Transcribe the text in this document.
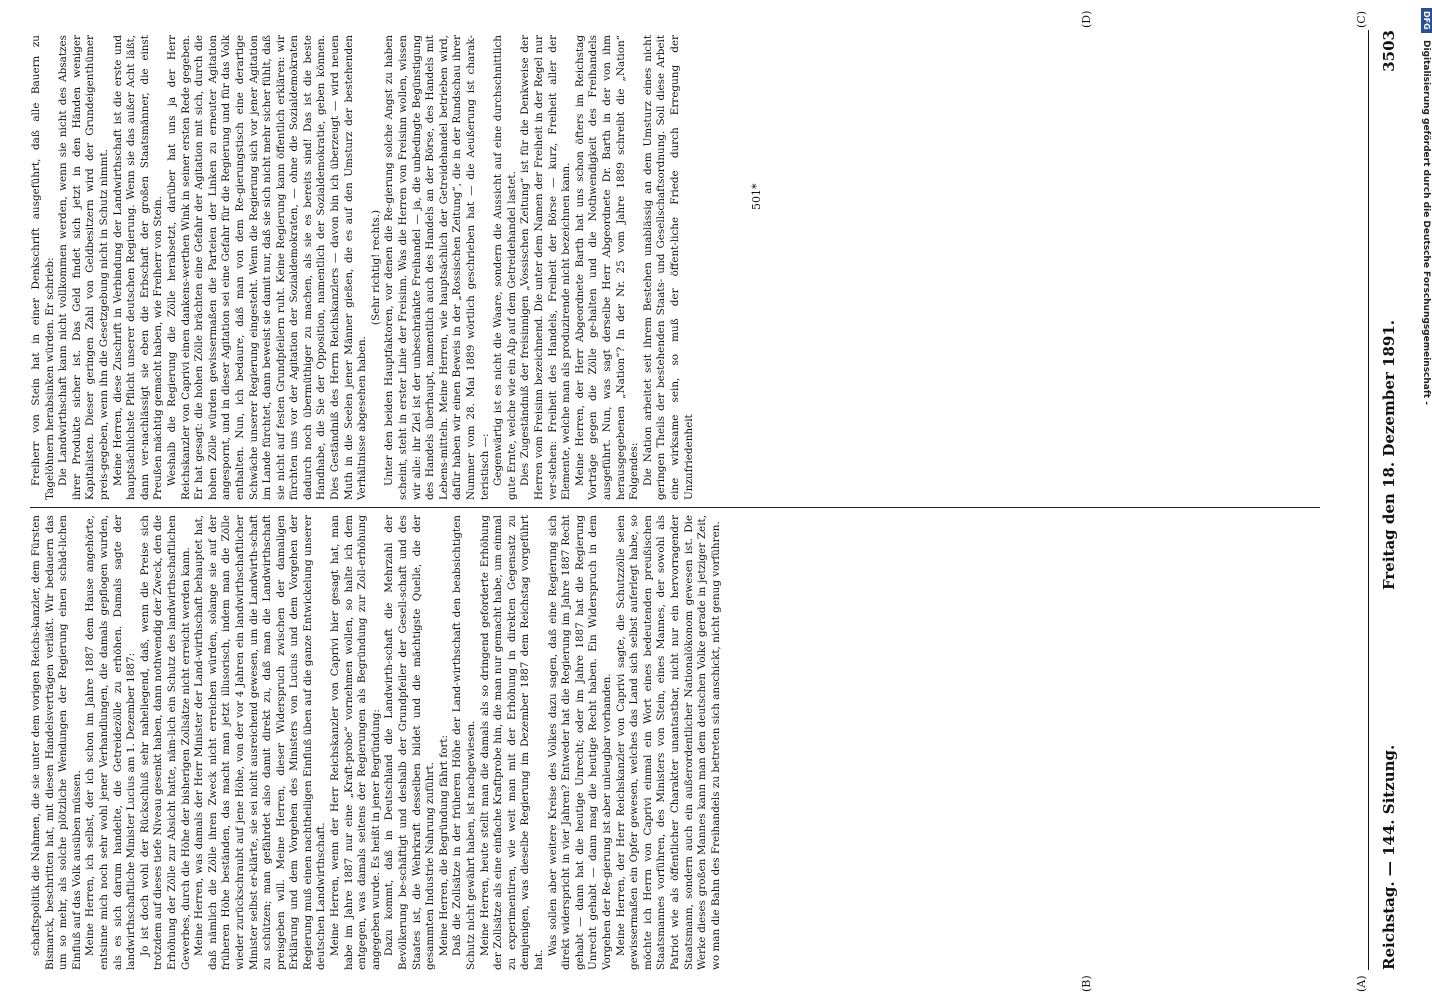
Reichstag. — 144. Sitzung.
Freitag den 18. Dezember 1891.
3503

schaftspolitik die Nahmen, die sie unter dem vorigen Reichs-kanzler, dem Fürsten Bismarck, beschritten hat, mit diesen Handelsverträgen verläßt. Wir bedauern das um so mehr, als solche plötzliche Wendungen der Regierung einen schäd-lichen Einfluß auf das Volk ausüben müssen. Meine Herren, ich selbst, der ich schon im Jahre 1887 dem Hause angehörte, entsinne mich noch sehr wohl jener Verhandlungen, die damals gepflogen wurden, als es sich darum handelte, die Getreidezölle zu erhöhen. Damals sagte der landwirthschaftliche Minister Lucius am 1. Dezember 1887: Jo ist doch wohl der Rückschluß sehr naheliegend, daß, wenn die Preise sich trotzdem auf dieses tiefe Niveau gesenkt haben, dann nothwendig der Zweck, den die Erhöhung der Zölle zur Absicht hatte, näm-lich ein Schutz des landwirthschaftlichen Gewerbes, durch die Höhe der bisherigen Zollsätze nicht erreicht werden kann. Meine Herren, was damals der Herr Minister der Land-wirthschaft behauptet hat, daß nämlich die Zölle ihren Zweck nicht erreichen würden, solange sie auf der früheren Höhe beständen, das macht man jetzt illusorisch, indem man die Zölle wieder zurückschraubt auf jene Höhe, von der vor 4 Jahren ein landwirthschaftlicher Minister selbst er-klärte, sie sei nicht ausreichend gewesen, um die Landwirth-schaft zu schützen; man gefährdet also damit direkt zu, daß man die Landwirthschaft preisgeben will. Meine Herren, dieser Widerspruch zwischen der damaligen Erklärung und dem Vorgehen des Ministers von Lucius und dem Vorgehen der Regierung muß einen nachtheiligen Einfluß üben auf die ganze Entwickelung unserer deutschen Landwirthschaft. Meine Herren, wenn der Herr Reichskanzler von Caprivi hier gesagt hat, man habe im Jahre 1887 nur eine „Kraft-probe“ vornehmen wollen, so halte ich dem entgegen, was damals seitens der Regierungen als Begründung zur Zoll-erhöhung angegeben wurde. Es heißt in jener Begründung: Dazu kommt, daß in Deutschland die Landwirth-schaft die Mehrzahl der Bevölkerung be-schäftigt und deshalb der Grundpfeiler der Gesell-schaft und des Staates ist, die Wehrkraft desselben bildet und die mächtigste Quelle, die der gesammten Industrie Nahrung zuführt. Meine Herren, die Begründung fährt fort: Daß die Zollsätze in der früheren Höhe der Land-wirthschaft den beabsichtigten Schutz nicht gewährt haben, ist nachgewiesen. Meine Herren, heute stellt man die damals als so dringend geforderte Erhöhung der Zollsätze als eine einfache Kraftprobe hin, die man nur gemacht habe, um einmal zu experimentiren, wie weit man mit der Erhöhung in direkten Gegensatz zu demjenigen, was dieselbe Regierung im Dezember 1887 dem Reichstag vorgeführt hat.

Was sollen aber weitere Kreise des Volkes dazu sagen, daß eine Regierung sich direkt widerspricht in vier Jahren? Entweder hat die Regierung im Jahre 1887 Recht gehabt — dann hat die heutige Unrecht; oder im Jahre 1887 hat die Regierung Unrecht gehabt — dann mag die heutige Recht haben. Ein Widerspruch in dem Vorgehen der Re-gierung ist aber unleugbar vorhanden. Meine Herren, der Herr Reichskanzler von Caprivi sagte, die Schutzzölle seien gewissermaßen ein Opfer gewesen, welches das Land sich selbst auferlegt habe, so möchte ich Herrn von Caprivi einmal ein Wort eines bedeutenden preußischen Staatsmannes vorführen, des Ministers von Stein, eines Mannes, der sowohl als Patriot wie als öffentlicher Charakter unantastbar, nicht nur ein hervorragender Staatsmann, sondern auch ein außerordentlicher Nationalökonom gewesen ist. Die Werke dieses großen Mannes kann man dem deutschen Volke gerade in jetziger Zeit, wo man die Bahn des Freihandels zu betreten sich anschickt, nicht genug vorführen.

Freiherr von Stein hat in einer Denkschrift ausgeführt, daß alle Bauern zu Tagelöhnern herabsinken würden. Er schrieb: Die Landwirthschaft kann nicht vollkommen werden, wenn sie nicht des Absatzes ihrer Produkte sicher ist. Das Geld findet sich jetzt in den Händen weniger Kapitalisten. Dieser geringen Zahl von Geldbesitzern wird der Grundeigenthümer preis-gegeben, wenn ihn die Gesetzgebung nicht in Schutz nimmt. Meine Herren, diese Zuschrift in Verbindung der Landwirthschaft ist die erste und hauptsächlichste Pflicht unserer deutschen Regierung. Wenn sie das außer Acht läßt, dann ver-nachlässigt sie eben die Erbschaft der großen Staatsmänner, die einst Preußen mächtig gemacht haben, wie Freiherr von Stein. Weshalb die Regierung die Zölle herabsetzt, darüber hat uns ja der Herr Reichskanzler von Caprivi einen dankens-werthen Wink in seiner ersten Rede gegeben. Er hat gesagt: die hohen Zölle brächten eine Gefahr der Agitation mit sich, durch die hohen Zölle würden gewissermaßen die Parteien der Linken zu erneuter Agitation angespornt, und in dieser Agitation sei eine Gefahr für die Regierung und für das Volk enthalten. Nun, ich bedaure, daß man von dem Re-gierungstisch eine derartige Schwäche unserer Regierung eingesteht. Wenn die Regierung sich vor jener Agitation im Lande fürchtet, dann beweist sie damit nur, daß sie sich nicht mehr sicher fühlt, daß sie nicht auf festen Grundpfeilern ruht. Keine Regierung kann öffentlich erklären: wir fürchten uns vor der Agitation der Sozialdemokraten, — ohne die Sozialdemokraten dadurch noch übermüthiger zu machen, als sie es bereits sind! Das ist die beste Handhabe, die Sie der Opposition, namentlich der Sozialdemokratie, geben können. Dies Geständniß des Herrn Reichskanzlers — davon bin ich überzeugt — wird neuen Muth in die Seelen jener Männer gießen, die es auf den Umsturz der bestehenden Verhältnisse abgesehen haben.

(Sehr richtig! rechts.) Unter den beiden Hauptfaktoren, vor denen die Re-gierung solche Angst zu haben scheint, steht in erster Linie der Freisinn. Was die Herren von Freisinn wollen, wissen wir alle: ihr Ziel ist der unbeschränkte Freihandel — ja, die unbedingte Begünstigung des Handels überhaupt, namentlich auch des Handels an der Börse, des Handels mit Lebens-mitteln. Meine Herren, wie hauptsächlich der Getreidehandel betrieben wird, dafür haben wir einen Beweis in der „Rossischen Zeitung“, die in der Rundschau ihrer Nummer vom 28. Mai 1889 wörtlich geschrieben hat — die Aeußerung ist charak-teristisch —: Gegenwärtig ist es nicht die Waare, sondern die Aussicht auf eine durchschnittlich gute Ernte, welche wie ein Alp auf dem Getreidehandel lastet. Dies Zugeständniß der freisinnigen „Vossischen Zeitung“ ist für die Denkweise der Herren vom Freisinn bezeichnend. Die unter dem Namen der Freiheit in der Regel nur ver-stehen: Freiheit des Handels, Freiheit der Börse — kurz, Freiheit aller der Elemente, welche man als produzirende nicht bezeichnen kann. Meine Herren, der Herr Abgeordnete Barth hat uns schon öfters im Reichstag Vorträge gegen die Zölle ge-halten und die Nothwendigkeit des Freihandels ausgeführt. Nun, was sagt derselbe Herr Abgeordnete Dr. Barth in der von ihm herausgegebenen „Nation“? In der Nr. 25 vom Jahre 1889 schreibt die „Nation“ Folgendes: Die Nation arbeitet seit ihrem Bestehen unablässig an dem Umsturz eines nicht geringen Theils der bestehenden Staats- und Gesellschaftsordnung. Soll diese Arbeit eine wirksame sein, so muß der öffent-liche Friede durch Erregung der Unzufriedenheit

(A)
(B)
(C)
(D)
501*
DFG
Digitalisierung gefördert durch die Deutsche Forschungsgemeinschaft -
